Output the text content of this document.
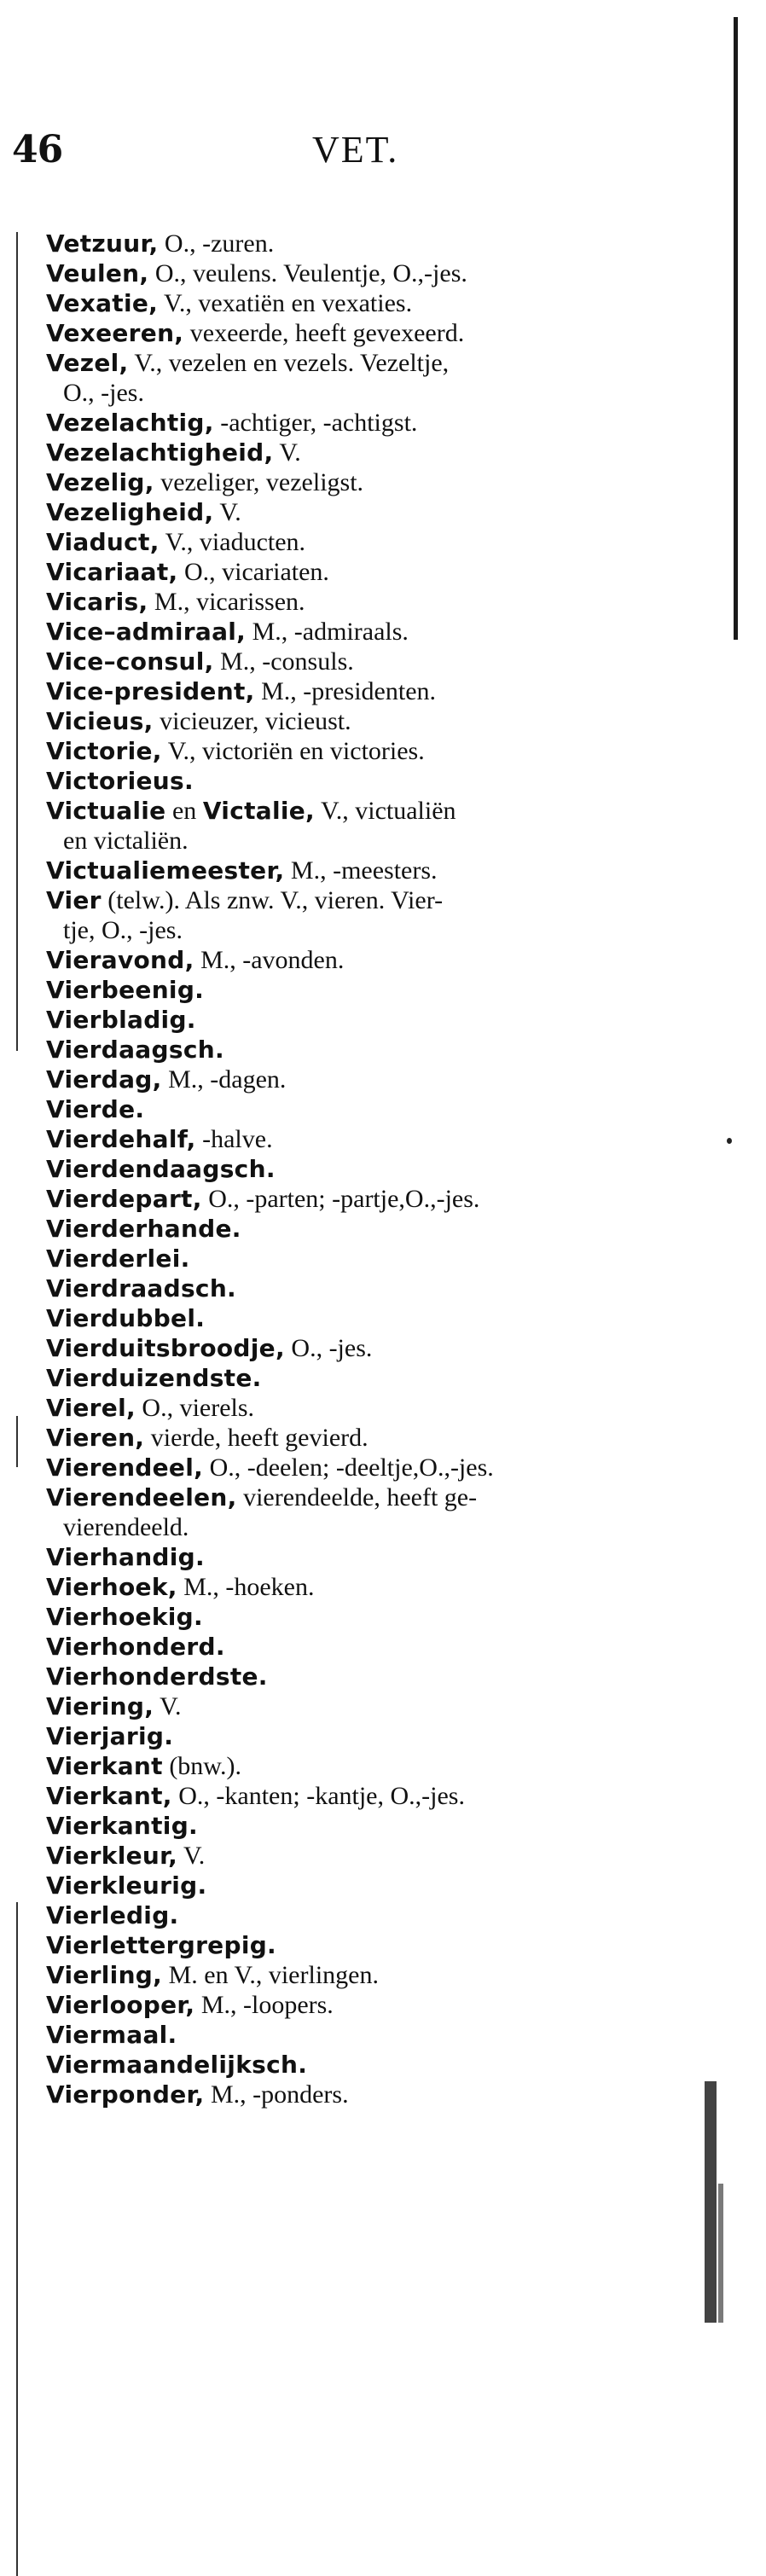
46	VET.

Vetzuur, O., -zuren.

Veulen, O., veulens. Veulentje, O.,-jes.

Vexatie, V., vexatiën en vexaties.

Vexeeren, vexeerde, heeft gevexeerd.

Vezel, V., vezelen en vezels. Vezeltje,
O., -jes.

Vezelachtig, -achtiger, -achtigst.

Vezelachtigheid, V.

Vezelig, vezeliger, vezeligst.

Vezeligheid, V.

Viaduct, V., viaducten.

Vicariaat, O., vicariaten.

Vicaris, M., vicarissen.

Vice–admiraal, M., -admiraals.

Vice–consul, M., -consuls.

Vice-president, M., -presidenten.

Vicieus, vicieuzer, vicieust.

Victorie, V., victoriën en victories.

Victorieus.

Victualie en Victalie, V., victualiën
en victaliën.

Victualiemeester, M., -meesters.

Vier (telw.). Als znw. V., vieren. Vier-
tje, O., -jes.

Vieravond, M., -avonden.

Vierbeenig.

Vierbladig.

Vierdaagsch.

Vierdag, M., -dagen.

Vierde.

Vierdehalf, -halve.

Vierdendaagsch.

Vierdepart, O., -parten; -partje,O.,-jes.

Vierderhande.

Vierderlei.

Vierdraadsch.

Vierdubbel.

Vierduitsbroodje, O., -jes.

Vierduizendste.

Vierel, O., vierels.

Vieren, vierde, heeft gevierd.

Vierendeel, O., -deelen; -deeltje,O.,-jes.

Vierendeelen, vierendeelde, heeft ge-
vierendeeld.

Vierhandig.

Vierhoek, M., -hoeken.

Vierhoekig.

Vierhonderd.

Vierhonderdste.

Viering, V.

Vierjarig.

Vierkant (bnw.).

Vierkant, O., -kanten; -kantje, O.,-jes.

Vierkantig.

Vierkleur, V.

Vierkleurig.

Vierledig.

Vierlettergrepig.

Vierling, M. en V., vierlingen.

Vierlooper, M., -loopers.

Viermaal.

Viermaandelijksch.

Vierponder, M., -ponders.
